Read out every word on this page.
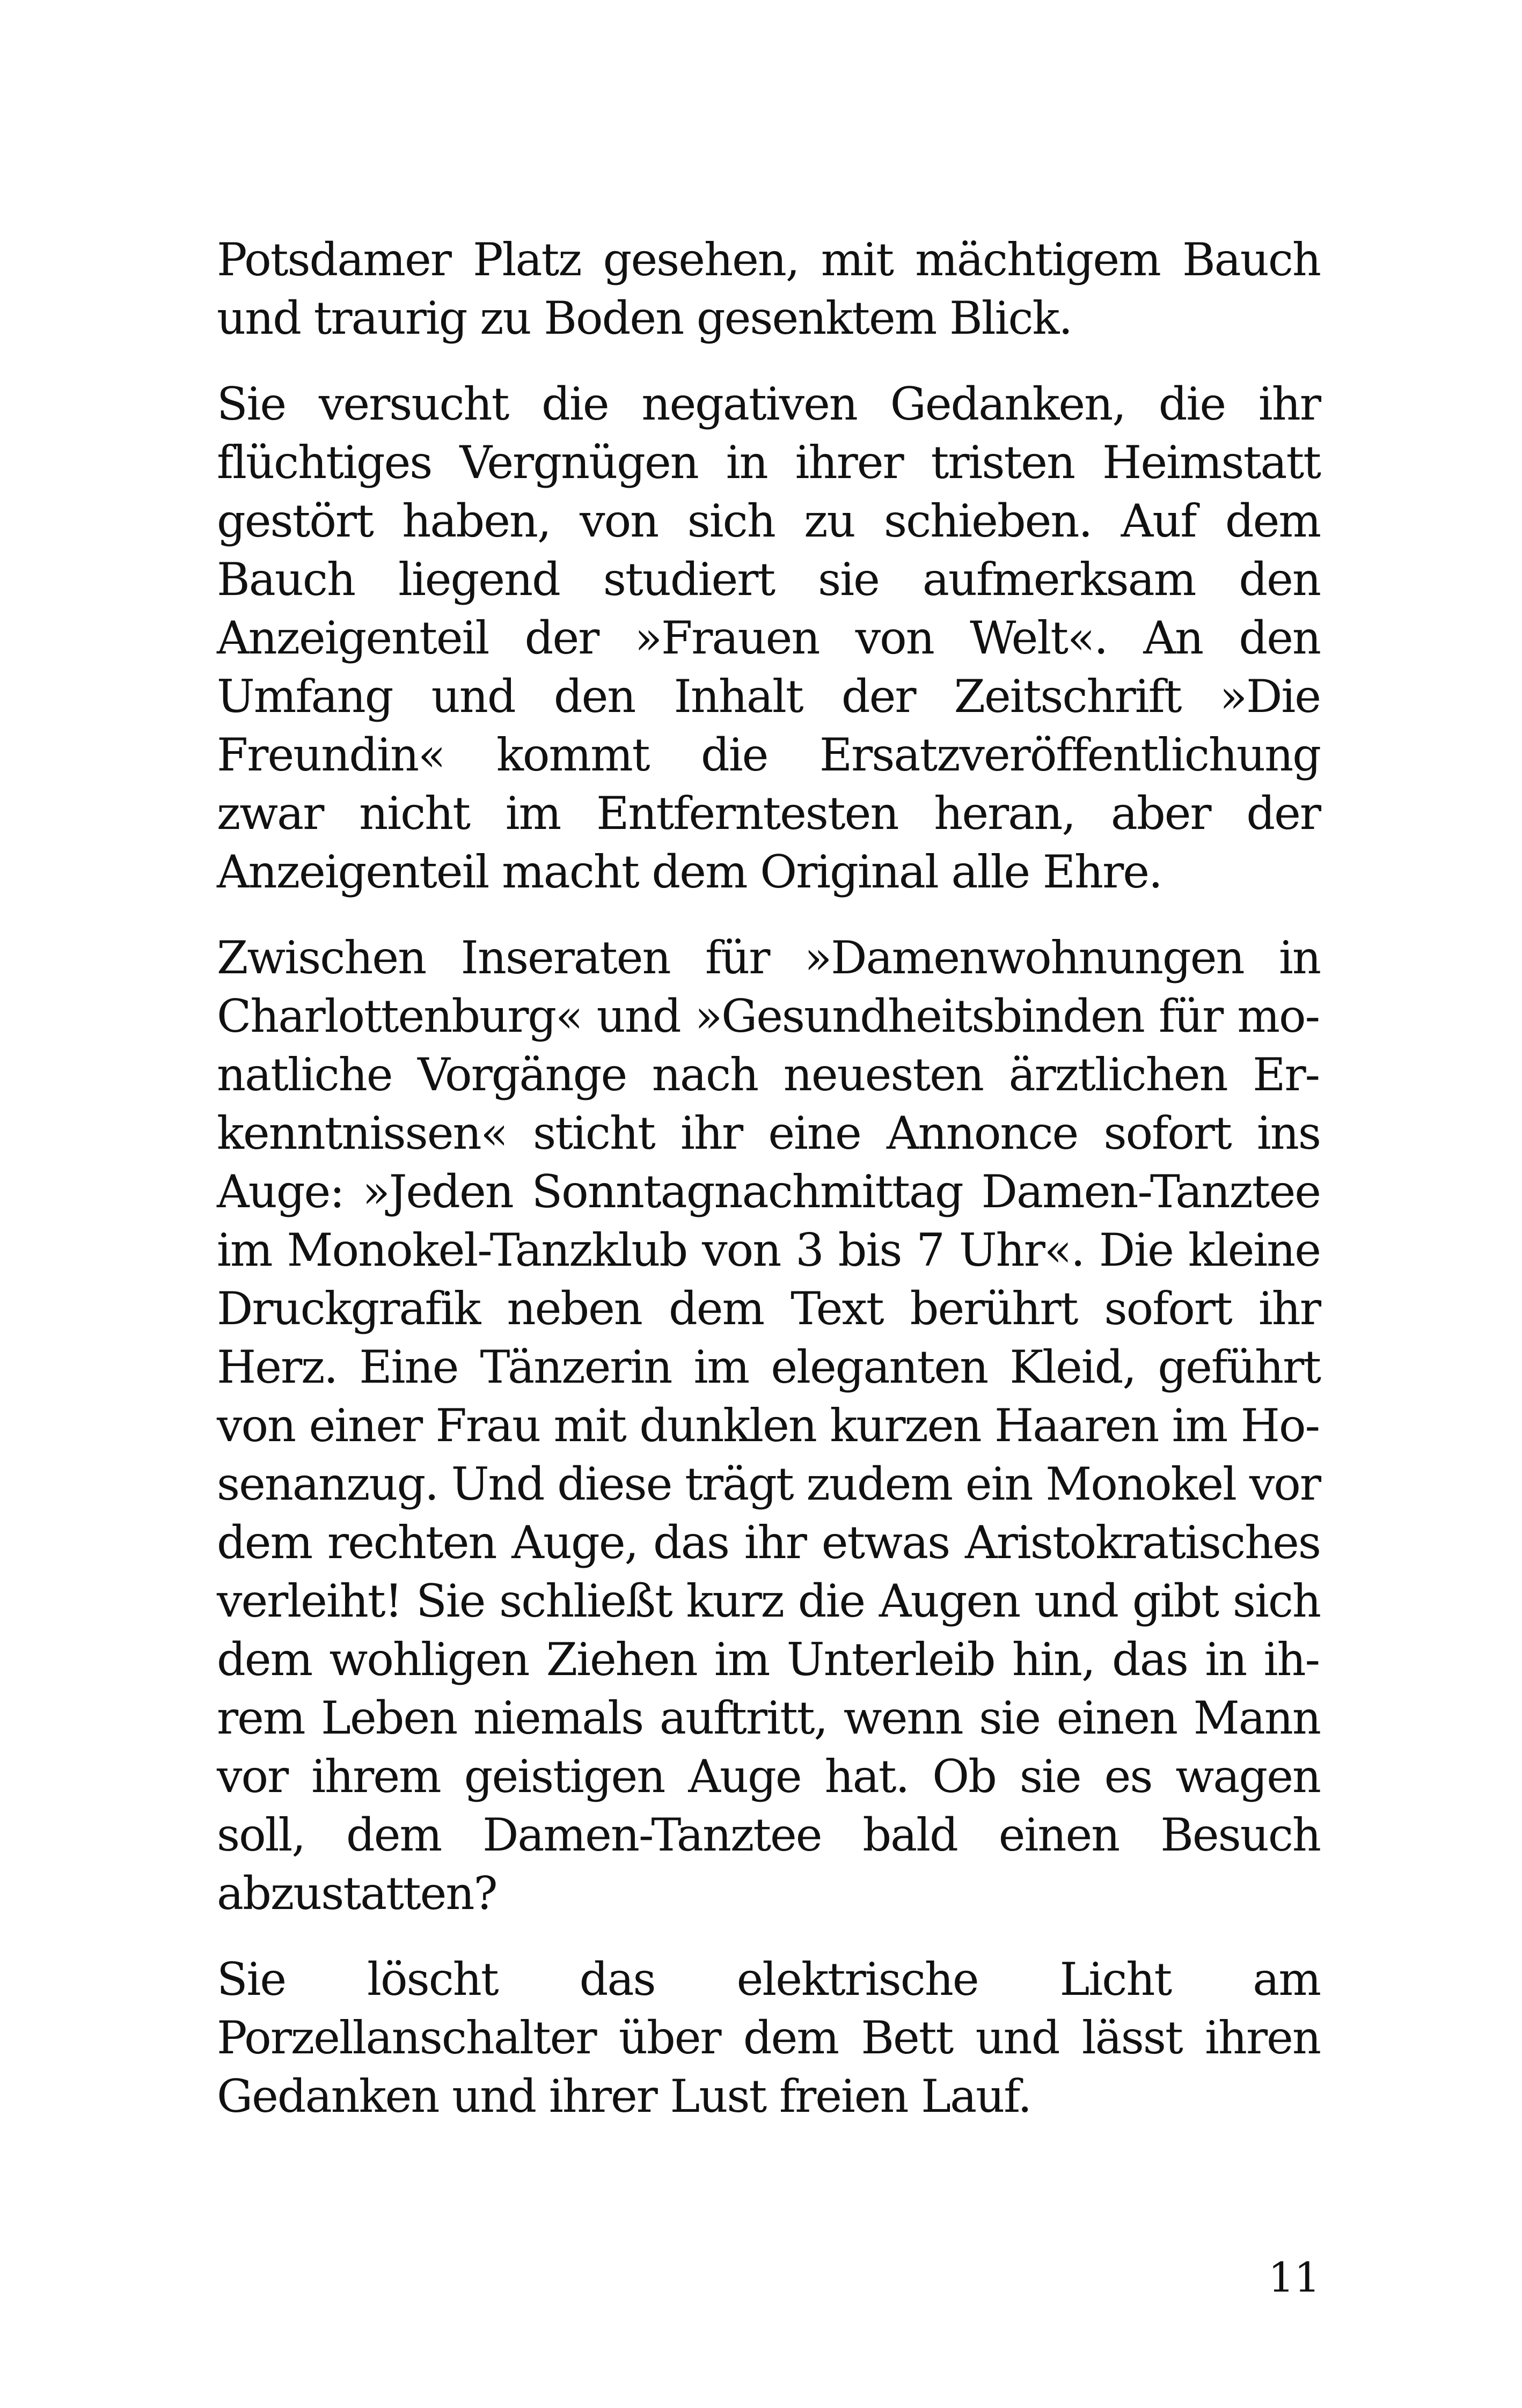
Potsdamer Platz gesehen, mit mächtigem Bauch und traurig zu Boden gesenktem Blick.

Sie versucht die negativen Gedanken, die ihr flüchtiges Vergnügen in ihrer tristen Heimstatt gestört haben, von sich zu schieben. Auf dem Bauch liegend studiert sie aufmerksam den Anzeigenteil der »Frauen von Welt«. An den Umfang und den Inhalt der Zeitschrift »Die Freundin« kommt die Ersatzveröffentlichung zwar nicht im Entferntesten heran, aber der Anzeigenteil macht dem Original alle Ehre.

Zwischen Inseraten für »Damenwohnungen in Charlottenburg« und »Gesundheitsbinden für monatliche Vorgänge nach neuesten ärztlichen Erkenntnissen« sticht ihr eine Annonce sofort ins Auge: »Jeden Sonntagnachmittag Damen-Tanztee im Monokel-Tanzklub von 3 bis 7 Uhr«. Die kleine Druckgrafik neben dem Text berührt sofort ihr Herz. Eine Tänzerin im eleganten Kleid, geführt von einer Frau mit dunklen kurzen Haaren im Hosenanzug. Und diese trägt zudem ein Monokel vor dem rechten Auge, das ihr etwas Aristokratisches verleiht! Sie schließt kurz die Augen und gibt sich dem wohligen Ziehen im Unterleib hin, das in ihrem Leben niemals auftritt, wenn sie einen Mann vor ihrem geistigen Auge hat. Ob sie es wagen soll, dem Damen-Tanztee bald einen Besuch abzustatten?

Sie löscht das elektrische Licht am Porzellanschalter über dem Bett und lässt ihren Gedanken und ihrer Lust freien Lauf.

11
